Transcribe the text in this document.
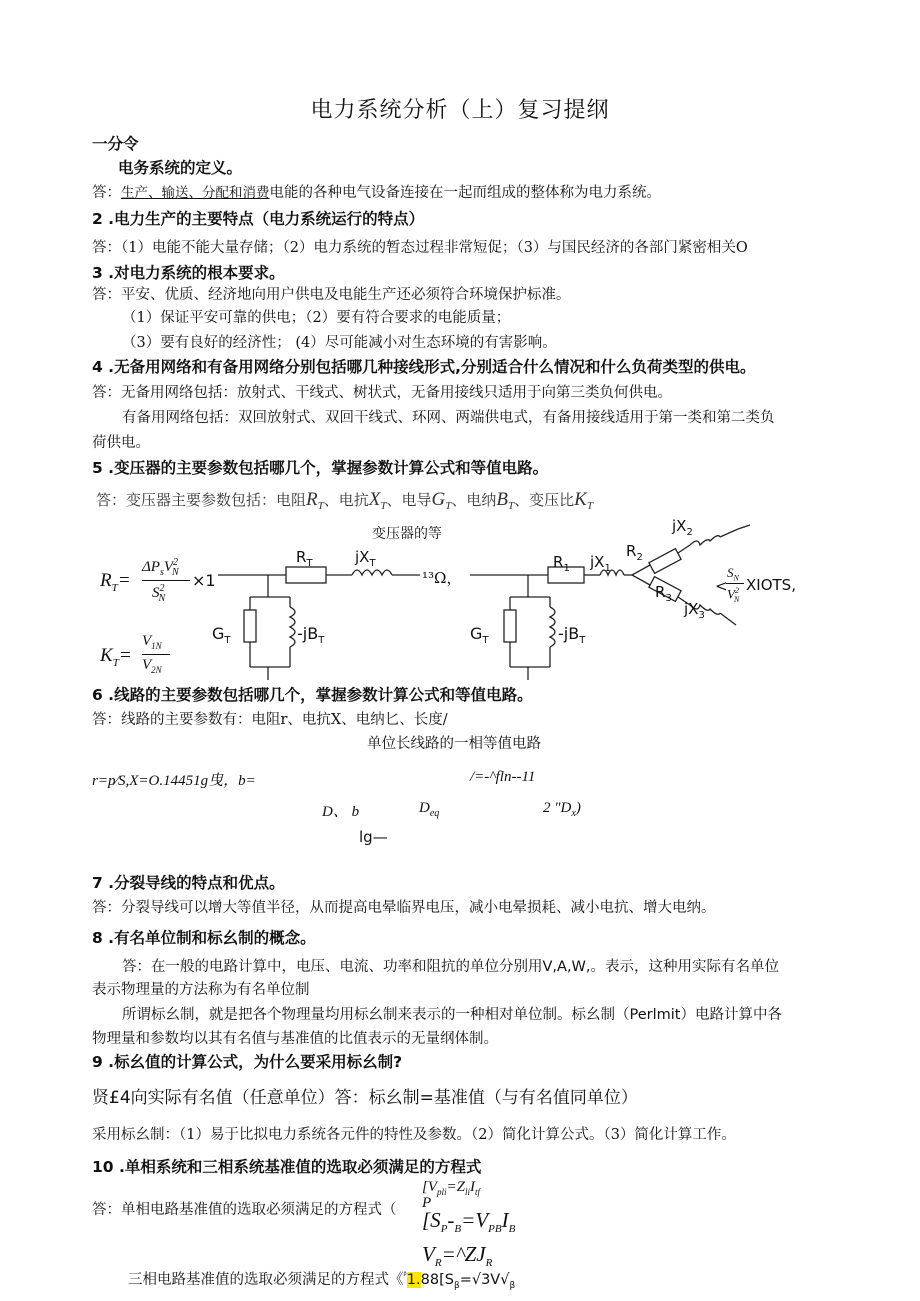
电力系统分析（上）复习提纲
一分令
电务系统的定义。
答：生产、输送、分配和消费电能的各种电气设备连接在一起而组成的整体称为电力系统。
2 .电力生产的主要特点（电力系统运行的特点）
答：（1）电能不能大量存储；（2）电力系统的暂态过程非常短促；（3）与国民经济的各部门紧密相关O
3 .对电力系统的根本要求。
答：平安、优质、经济地向用户供电及电能生产还必须符合环境保护标准。
（1）保证平安可靠的供电；（2）要有符合要求的电能质量；
（3）要有良好的经济性； (4）尽可能减小对生态环境的有害影响。
4 .无备用网络和有备用网络分别包括哪几种接线形式,分别适合什么情况和什么负荷类型的供电。
答：无备用网络包括：放射式、干线式、树状式，无备用接线只适用于向第三类负何供电。
有备用网络包括：双回放射式、双回干线式、环网、两端供电式，有备用接线适用于第一类和第二类负
荷供电。
5 .变压器的主要参数包括哪几个，掌握参数计算公式和等值电路。
答：变压器主要参数包括：电阻$R_T$、电抗$X_T$、电导$G_T$、电纳$B_T$、变压比$K_T$
变压器的等
$R_T=$
$\Delta P_sV^2_N$
$S^2_N$
×1
$K_T=$
$V_{1N}$
$V_{2N}$
$R_T$	$jX_T$
¹³Ω，
$G_T$	$-jB_T$
$R_1$ $jX_1$
$R_2$
$jX_2$
$R_3$
$jX_3$
$G_T$	$-jB_T$
<
$S_N$
$V^2_N$
XIOTS,
6 .线路的主要参数包括哪几个，掌握参数计算公式和等值电路。
答：线路的主要参数有：电阻r、电抗X、电纳匕、长度/
单位长线路的一相等值电路
r=p⁄S,X=O.14451g曳，b=	/=-^fln--11
D、 b	$D_{eq}$	2 "$D_x$)
lg—
7 .分裂导线的特点和优点。
答：分裂导线可以增大等值半径，从而提高电晕临界电压，减小电晕损耗、减小电抗、增大电纳。
8 .有名单位制和标幺制的概念。
答：在一般的电路计算中，电压、电流、功率和阻抗的单位分别用V,A,W,。表示，这种用实际有名单位
表示物理量的方法称为有名单位制
所谓标幺制，就是把各个物理量均用标幺制来表示的一种相对单位制。标幺制（Perlmit）电路计算中各
物理量和参数均以其有名值与基准值的比值表示的无量纲体制。
9 .标幺值的计算公式，为什么要采用标幺制?
贤£4向实际有名值（任意单位）答：标幺制=基准值（与有名值同单位）
采用标幺制：（1）易于比拟电力系统各元件的特性及参数。（2）简化计算公式。（3）简化计算工作。
10 .单相系统和三相系统基准值的选取必须满足的方程式
答：单相电路基准值的选取必须满足的方程式（
[$V_{pli}=Z_{li}I_{tf}$
P
[$S_P-_B=V_{PB}I_B$
$V_R=\^{}ZJ_R$
三相电路基准值的选取必须满足的方程式《$^ᵝ1.88[S_\beta=√3V√_\beta$
